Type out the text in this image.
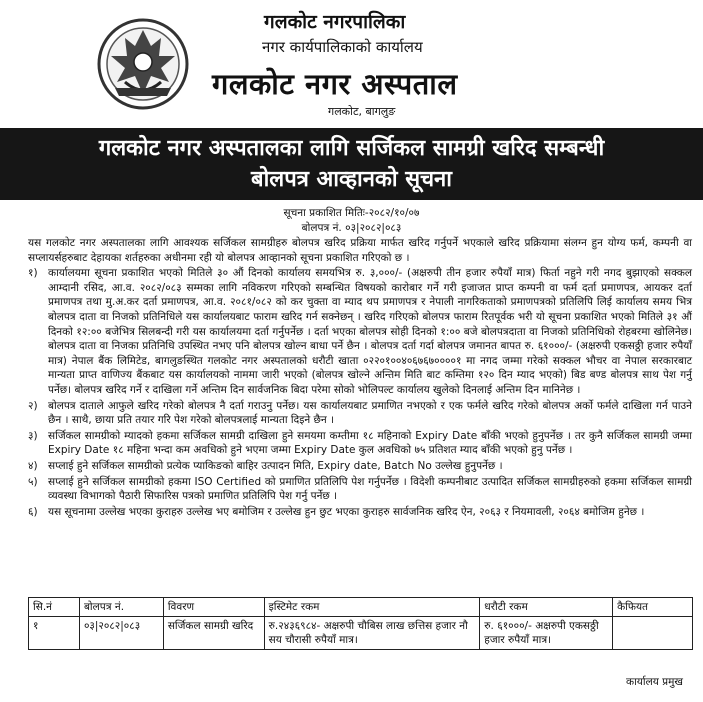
गलकोट नगरपालिका
नगर कार्यपालिकाको कार्यालय
गलकोट नगर अस्पताल
गलकोट, बागलुङ
गलकोट नगर अस्पतालका लागि सर्जिकल सामग्री खरिद सम्बन्धी
बोलपत्र आव्हानको सूचना
सूचना प्रकाशित मितिः-२०८२/१०/०७
बोलपत्र नं. ०३|२०८२|०८३

यस गलकोट नगर अस्पतालका लागि आवश्यक सर्जिकल सामग्रीहरु बोलपत्र खरिद प्रक्रिया मार्फत खरिद गर्नुपर्ने भएकाले खरिद प्रक्रियामा संलग्न हुन योग्य फर्म, कम्पनी वा सप्लायर्सहरुबाट देहायका शर्तहरुका अधीनमा रही यो बोलपत्र आव्हानको सूचना प्रकाशित गरिएको छ ।

१) कार्यालयमा सूचना प्रकाशित भएको मितिले ३० औं दिनको कार्यालय समयभित्र रु. ३,०००/- (अक्षरुपी तीन हजार रुपैयाँ मात्र) फिर्ता नहुने गरी नगद बुझाएको सक्कल आम्दानी रसिद, आ.व. २०८२/०८३ सम्मका लागि नविकरण गरिएको सम्बन्धित विषयको कारोबार गर्ने गरी इजाजत प्राप्त कम्पनी वा फर्म दर्ता प्रमाणपत्र, आयकर दर्ता प्रमाणपत्र तथा मु.अ.कर दर्ता प्रमाणपत्र, आ.व. २०८१/०८२ को कर चुक्ता वा म्याद थप प्रमाणपत्र र नेपाली नागरिकताको प्रमाणपत्रको प्रतिलिपि लिई कार्यालय समय भित्र बोलपत्र दाता वा निजको प्रतिनिधिले यस कार्यालयबाट फाराम खरिद गर्न सक्नेछन् । खरिद गरिएको बोलपत्र फाराम रितपूर्वक भरी यो सूचना प्रकाशित भएको मितिले ३१ औं दिनको १२:०० बजेभित्र सिलबन्दी गरी यस कार्यालयमा दर्ता गर्नुपर्नेछ । दर्ता भएका बोलपत्र सोही दिनको १:०० बजे बोलपत्रदाता वा निजको प्रतिनिधिको रोहबरमा खोलिनेछ। बोलपत्र दाता वा निजका प्रतिनिधि उपस्थित नभए पनि बोलपत्र खोल्न बाधा पर्ने छैन । बोलपत्र दर्ता गर्दा बोलपत्र जमानत बापत रु. ६१०००/- (अक्षरुपी एकसठ्ठी हजार रुपैयाँ मात्र) नेपाल बैंक लिमिटेड, बागलुङस्थित गलकोट नगर अस्पतालको धरौटी खाता ०२२०१००४०६७६७००००१ मा नगद जम्मा गरेको सक्कल भौचर वा नेपाल सरकारबाट मान्यता प्राप्त वाणिज्य बैंकबाट यस कार्यालयको नाममा जारी भएको (बोलपत्र खोल्ने अन्तिम मिति बाट कम्तिमा १२० दिन म्याद भएको) बिड बण्ड बोलपत्र साथ पेश गर्नु पर्नेछ। बोलपत्र खरिद गर्ने र दाखिला गर्ने अन्तिम दिन सार्वजनिक बिदा परेमा सोको भोलिपल्ट कार्यालय खुलेको दिनलाई अन्तिम दिन मानिनेछ ।
२) बोलपत्र दाताले आफुले खरिद गरेको बोलपत्र नै दर्ता गराउनु पर्नेछ। यस कार्यालयबाट प्रमाणित नभएको र एक फर्मले खरिद गरेको बोलपत्र अर्को फर्मले दाखिला गर्न पाउने छैन । साथै, छाया प्रति तयार गरि पेश गरेको बोलपत्रलाई मान्यता दिइने छैन ।
३) सर्जिकल सामग्रीको म्यादको हकमा सर्जिकल सामग्री दाखिला हुने समयमा कम्तीमा १८ महिनाको Expiry Date बाँकी भएको हुनुपर्नेछ । तर कुनै सर्जिकल सामग्री जम्मा Expiry Date १८ महिना भन्दा कम अवधिको हुने भएमा जम्मा Expiry Date कुल अवधिको ७५ प्रतिशत म्याद बाँकी भएको हुनु पर्नेछ ।
४) सप्लाई हुने सर्जिकल सामग्रीको प्रत्येक प्याकिङको बाहिर उत्पादन मिति, Expiry date, Batch No उल्लेख हुनुपर्नेछ ।
५) सप्लाई हुने सर्जिकल सामग्रीको हकमा ISO Certified को प्रमाणित प्रतिलिपि पेश गर्नुपर्नेछ । विदेशी कम्पनीबाट उत्पादित सर्जिकल सामग्रीहरुको हकमा सर्जिकल सामग्री व्यवस्था विभागको पैठारी सिफारिस पत्रको प्रमाणित प्रतिलिपि पेश गर्नु पर्नेछ ।
६) यस सूचनामा उल्लेख भएका कुराहरु उल्लेख भए बमोजिम र उल्लेख हुन छुट भएका कुराहरु सार्वजनिक खरिद ऐन, २०६३ र नियमावली, २०६४ बमोजिम हुनेछ ।
सि.नं	बोलपत्र नं.	विवरण	इस्टिमेट रकम	धरौटी रकम	कैफियत
१	०३|२०८२|०८३	सर्जिकल सामग्री खरिद	रु.२४३६९८४- अक्षरुपी चौबिस लाख छत्तिस हजार नौ सय चौरासी रुपैयाँ मात्र।	रु. ६१०००/- अक्षरुपी एकसठ्ठी हजार रुपैयाँ मात्र।	
कार्यालय प्रमुख
